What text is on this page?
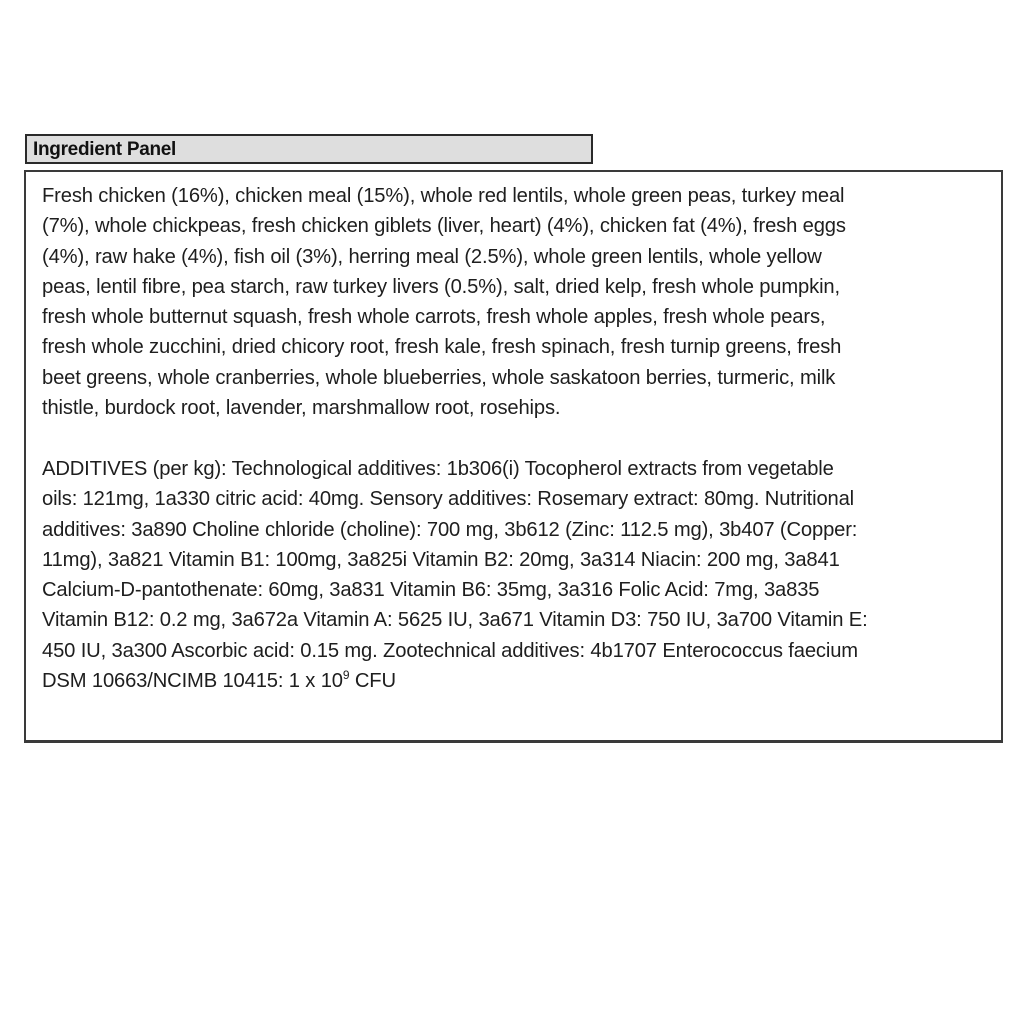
Ingredient Panel
Fresh chicken (16%), chicken meal (15%), whole red lentils, whole green peas, turkey meal
(7%), whole chickpeas, fresh chicken giblets (liver, heart) (4%), chicken fat (4%), fresh eggs
(4%), raw hake (4%), fish oil (3%), herring meal (2.5%), whole green lentils, whole yellow
peas, lentil fibre, pea starch, raw turkey livers (0.5%), salt, dried kelp, fresh whole pumpkin,
fresh whole butternut squash, fresh whole carrots, fresh whole apples, fresh whole pears,
fresh whole zucchini, dried chicory root, fresh kale, fresh spinach, fresh turnip greens, fresh
beet greens, whole cranberries, whole blueberries, whole saskatoon berries, turmeric, milk
thistle, burdock root, lavender, marshmallow root, rosehips.
ADDITIVES (per kg): Technological additives: 1b306(i) Tocopherol extracts from vegetable
oils: 121mg, 1a330 citric acid: 40mg. Sensory additives: Rosemary extract: 80mg. Nutritional
additives: 3a890 Choline chloride (choline): 700 mg, 3b612 (Zinc: 112.5 mg), 3b407 (Copper:
11mg), 3a821 Vitamin B1: 100mg, 3a825i Vitamin B2: 20mg, 3a314 Niacin: 200 mg, 3a841
Calcium-D-pantothenate: 60mg, 3a831 Vitamin B6: 35mg, 3a316 Folic Acid: 7mg, 3a835
Vitamin B12: 0.2 mg, 3a672a Vitamin A: 5625 IU, 3a671 Vitamin D3: 750 IU, 3a700 Vitamin E:
450 IU, 3a300 Ascorbic acid: 0.15 mg. Zootechnical additives: 4b1707 Enterococcus faecium
DSM 10663/NCIMB 10415: 1 x $10^9$ CFU
